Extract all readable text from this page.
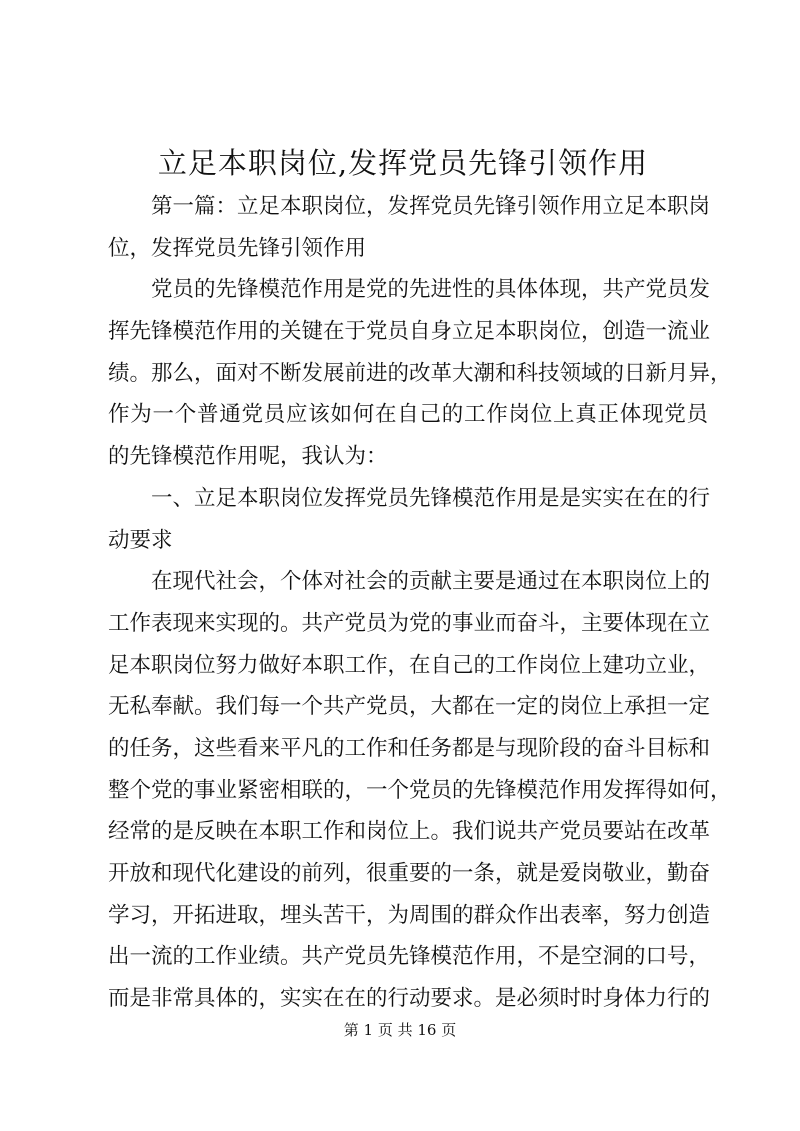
立足本职岗位,发挥党员先锋引领作用
第一篇：立足本职岗位，发挥党员先锋引领作用立足本职岗
位，发挥党员先锋引领作用
党员的先锋模范作用是党的先进性的具体体现，共产党员发
挥先锋模范作用的关键在于党员自身立足本职岗位，创造一流业
绩。那么，面对不断发展前进的改革大潮和科技领域的日新月异，
作为一个普通党员应该如何在自己的工作岗位上真正体现党员
的先锋模范作用呢，我认为：
一、立足本职岗位发挥党员先锋模范作用是是实实在在的行
动要求
在现代社会，个体对社会的贡献主要是通过在本职岗位上的
工作表现来实现的。共产党员为党的事业而奋斗，主要体现在立
足本职岗位努力做好本职工作，在自己的工作岗位上建功立业，
无私奉献。我们每一个共产党员，大都在一定的岗位上承担一定
的任务，这些看来平凡的工作和任务都是与现阶段的奋斗目标和
整个党的事业紧密相联的，一个党员的先锋模范作用发挥得如何，
经常的是反映在本职工作和岗位上。我们说共产党员要站在改革
开放和现代化建设的前列，很重要的一条，就是爱岗敬业，勤奋
学习，开拓进取，埋头苦干，为周围的群众作出表率，努力创造
出一流的工作业绩。共产党员先锋模范作用，不是空洞的口号，
而是非常具体的，实实在在的行动要求。是必须时时身体力行的
第 1 页 共 16 页
